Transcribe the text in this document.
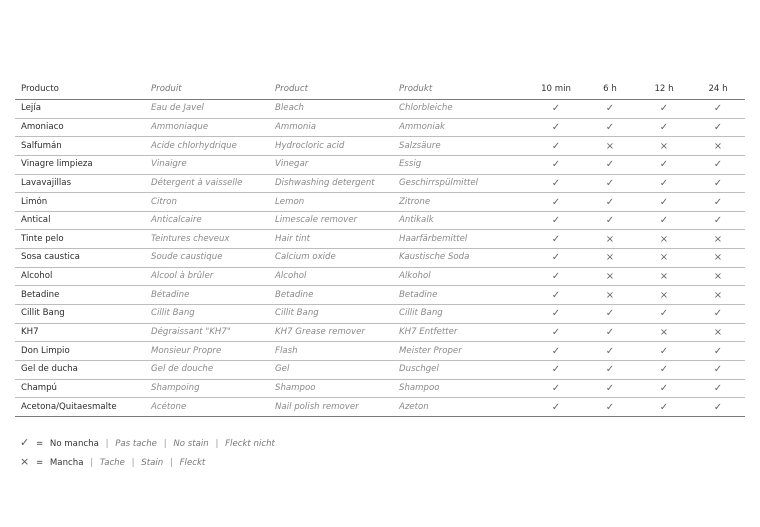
Producto	Produit	Product	Produkt	10 min	6 h	12 h	24 h
Lejía	Eau de Javel	Bleach	Chlorbleiche	✓	✓	✓	✓
Amoniaco	Ammoniaque	Ammonia	Ammoniak	✓	✓	✓	✓
Salfumán	Acide chlorhydrique	Hydrocloric acid	Salzsäure	✓	×	×	×
Vinagre limpieza	Vinaigre	Vinegar	Essig	✓	✓	✓	✓
Lavavajillas	Détergent à vaisselle	Dishwashing detergent	Geschirrspülmittel	✓	✓	✓	✓
Limón	Citron	Lemon	Zitrone	✓	✓	✓	✓
Antical	Anticalcaire	Limescale remover	Antikalk	✓	✓	✓	✓
Tinte pelo	Teintures cheveux	Hair tint	Haarfärbemittel	✓	×	×	×
Sosa caustica	Soude caustique	Calcium oxide	Kaustische Soda	✓	×	×	×
Alcohol	Alcool à brûler	Alcohol	Alkohol	✓	×	×	×
Betadine	Bétadine	Betadine	Betadine	✓	×	×	×
Cillit Bang	Cillit Bang	Cillit Bang	Cillit Bang	✓	✓	✓	✓
KH7	Dégraissant "KH7"	KH7 Grease remover	KH7 Entfetter	✓	✓	×	×
Don Limpio	Monsieur Propre	Flash	Meister Proper	✓	✓	✓	✓
Gel de ducha	Gel de douche	Gel	Duschgel	✓	✓	✓	✓
Champú	Shampoing	Shampoo	Shampoo	✓	✓	✓	✓
Acetona/Quitaesmalte	Acétone	Nail polish remover	Azeton	✓	✓	✓	✓
✓ = No mancha | Pas tache | No stain | Fleckt nicht
× = Mancha | Tache | Stain | Fleckt
